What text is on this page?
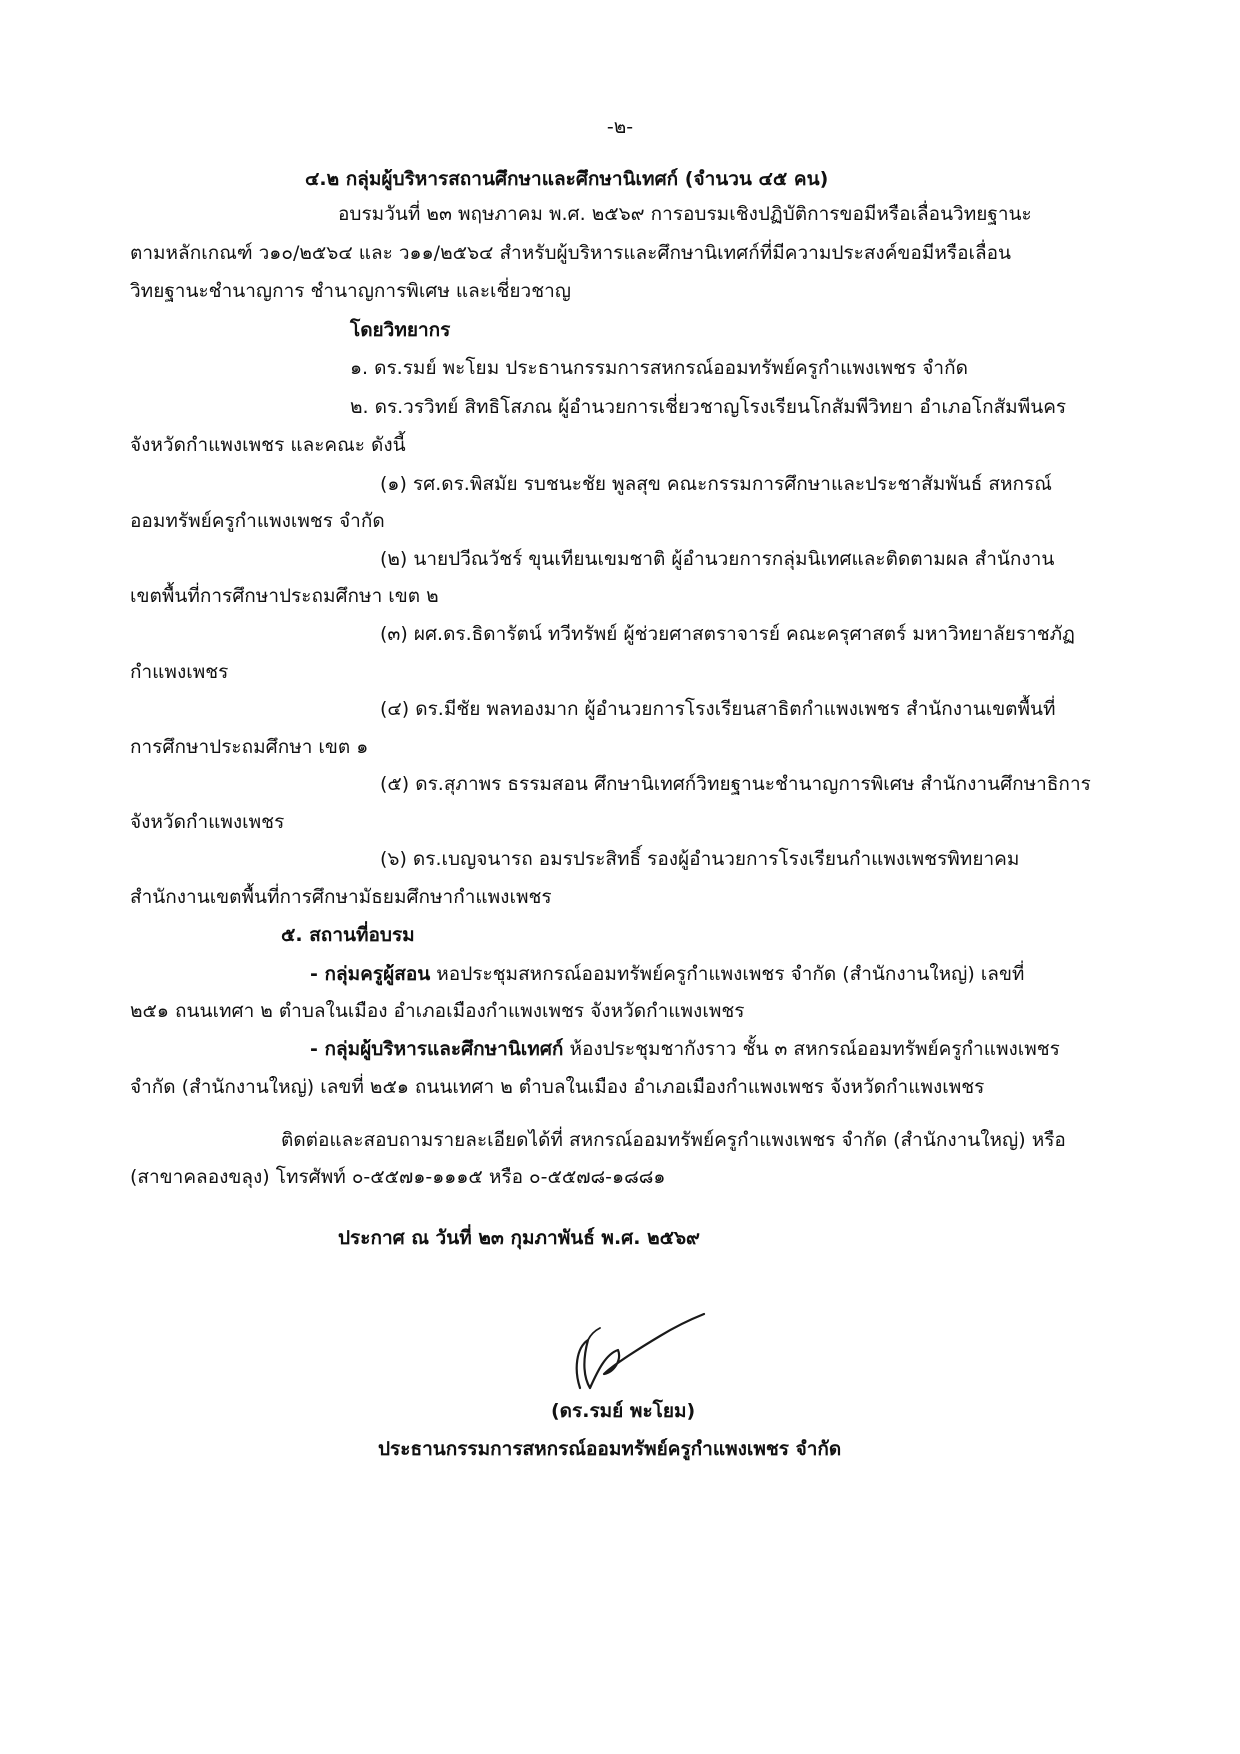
-๒-
๔.๒ กลุ่มผู้บริหารสถานศึกษาและศึกษานิเทศก์ (จำนวน ๔๕ คน)
อบรมวันที่ ๒๓ พฤษภาคม พ.ศ. ๒๕๖๙ การอบรมเชิงปฏิบัติการขอมีหรือเลื่อนวิทยฐานะ
ตามหลักเกณฑ์ ว๑๐/๒๕๖๔ และ ว๑๑/๒๕๖๔ สำหรับผู้บริหารและศึกษานิเทศก์ที่มีความประสงค์ขอมีหรือเลื่อน
วิทยฐานะชำนาญการ ชำนาญการพิเศษ และเชี่ยวชาญ
โดยวิทยากร
๑. ดร.รมย์ พะโยม ประธานกรรมการสหกรณ์ออมทรัพย์ครูกำแพงเพชร จำกัด
๒. ดร.วรวิทย์ สิทธิโสภณ ผู้อำนวยการเชี่ยวชาญโรงเรียนโกสัมพีวิทยา อำเภอโกสัมพีนคร
จังหวัดกำแพงเพชร และคณะ ดังนี้
(๑) รศ.ดร.พิสมัย รบชนะชัย พูลสุข คณะกรรมการศึกษาและประชาสัมพันธ์ สหกรณ์
ออมทรัพย์ครูกำแพงเพชร จำกัด
(๒) นายปวีณวัชร์ ขุนเทียนเขมชาติ ผู้อำนวยการกลุ่มนิเทศและติดตามผล สำนักงาน
เขตพื้นที่การศึกษาประถมศึกษา เขต ๒
(๓) ผศ.ดร.ธิดารัตน์ ทวีทรัพย์ ผู้ช่วยศาสตราจารย์ คณะครุศาสตร์ มหาวิทยาลัยราชภัฏ
กำแพงเพชร
(๔) ดร.มีชัย พลทองมาก ผู้อำนวยการโรงเรียนสาธิตกำแพงเพชร สำนักงานเขตพื้นที่
การศึกษาประถมศึกษา เขต ๑
(๕) ดร.สุภาพร ธรรมสอน ศึกษานิเทศก์วิทยฐานะชำนาญการพิเศษ สำนักงานศึกษาธิการ
จังหวัดกำแพงเพชร
(๖) ดร.เบญจนารถ อมรประสิทธิ์ รองผู้อำนวยการโรงเรียนกำแพงเพชรพิทยาคม
สำนักงานเขตพื้นที่การศึกษามัธยมศึกษากำแพงเพชร
๕. สถานที่อบรม
- กลุ่มครูผู้สอน หอประชุมสหกรณ์ออมทรัพย์ครูกำแพงเพชร จำกัด (สำนักงานใหญ่) เลขที่
๒๕๑ ถนนเทศา ๒ ตำบลในเมือง อำเภอเมืองกำแพงเพชร จังหวัดกำแพงเพชร
- กลุ่มผู้บริหารและศึกษานิเทศก์ ห้องประชุมชากังราว ชั้น ๓ สหกรณ์ออมทรัพย์ครูกำแพงเพชร
จำกัด (สำนักงานใหญ่) เลขที่ ๒๕๑ ถนนเทศา ๒ ตำบลในเมือง อำเภอเมืองกำแพงเพชร จังหวัดกำแพงเพชร
ติดต่อและสอบถามรายละเอียดได้ที่ สหกรณ์ออมทรัพย์ครูกำแพงเพชร จำกัด (สำนักงานใหญ่) หรือ
(สาขาคลองขลุง) โทรศัพท์ ๐-๕๕๗๑-๑๑๑๕ หรือ ๐-๕๕๗๘-๑๘๘๑
ประกาศ ณ วันที่ ๒๓ กุมภาพันธ์ พ.ศ. ๒๕๖๙
(ดร.รมย์ พะโยม)
ประธานกรรมการสหกรณ์ออมทรัพย์ครูกำแพงเพชร จำกัด
